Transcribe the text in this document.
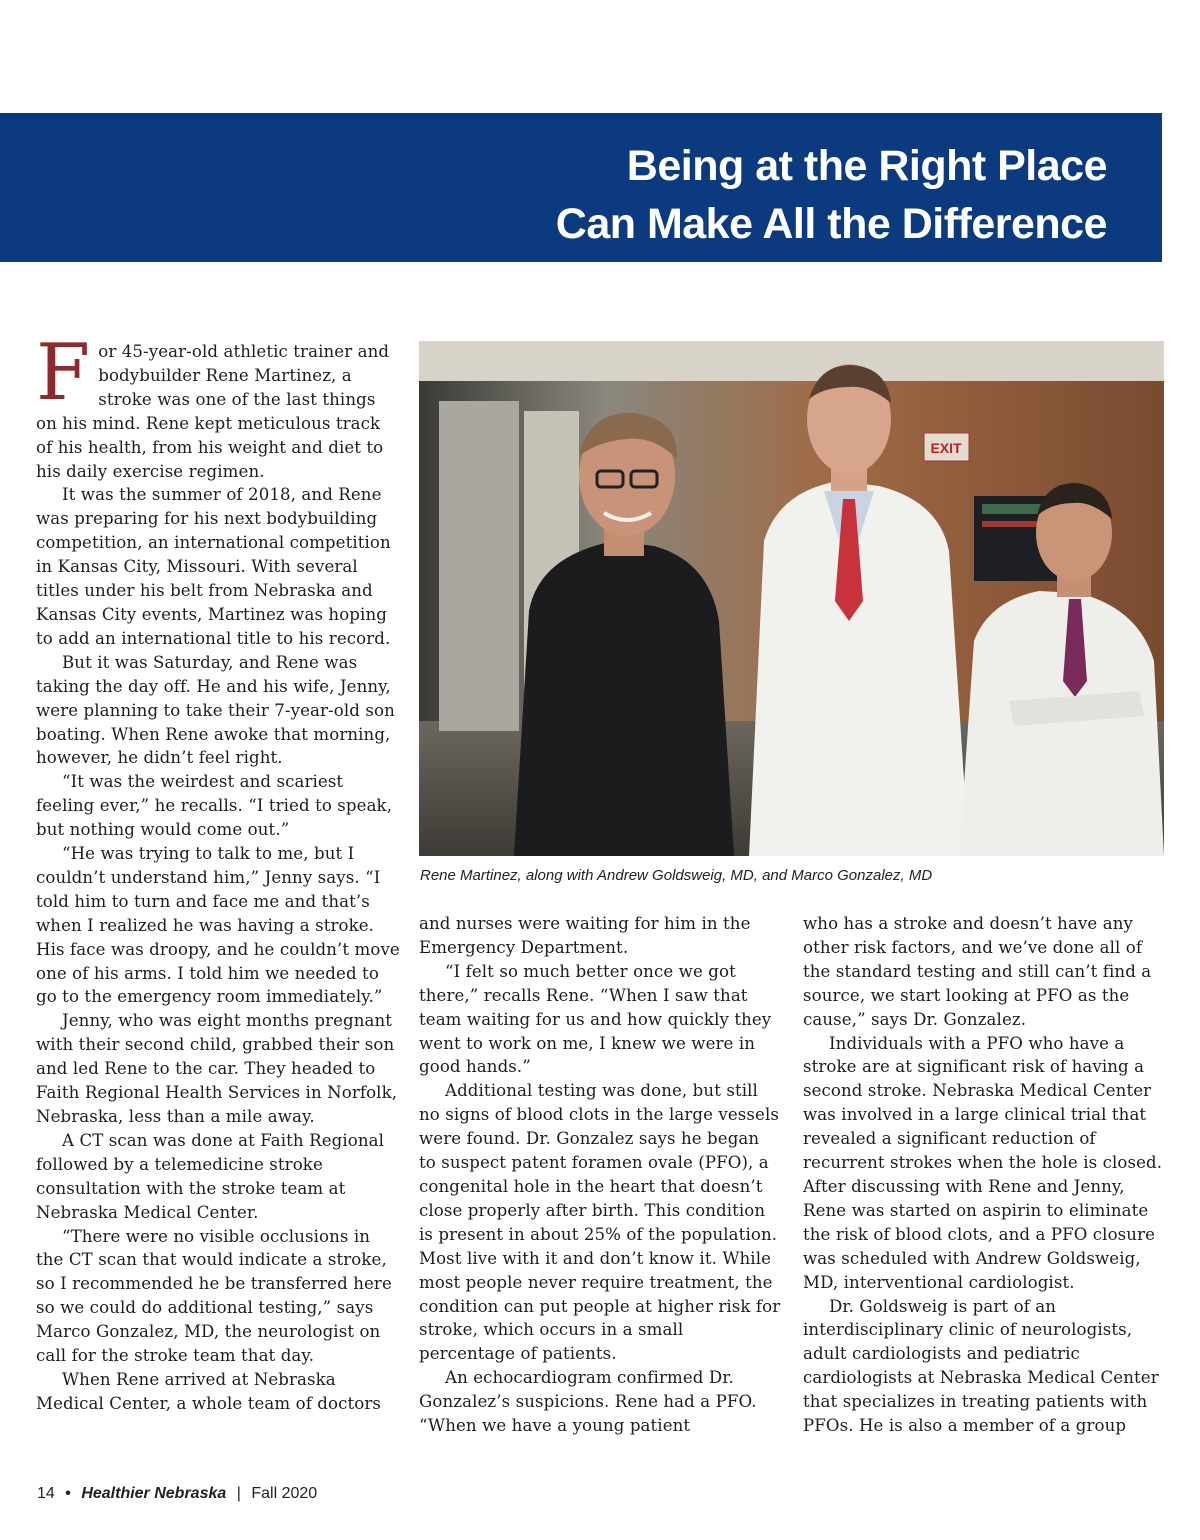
Being at the Right Place
Can Make All the Difference

For 45-year-old athletic trainer and bodybuilder Rene Martinez, a stroke was one of the last things on his mind. Rene kept meticulous track of his health, from his weight and diet to his daily exercise regimen.

It was the summer of 2018, and Rene was preparing for his next bodybuilding competition, an international competition in Kansas City, Missouri. With several titles under his belt from Nebraska and Kansas City events, Martinez was hoping to add an international title to his record.

But it was Saturday, and Rene was taking the day off. He and his wife, Jenny, were planning to take their 7-year-old son boating. When Rene awoke that morning, however, he didn’t feel right.

“It was the weirdest and scariest feeling ever,” he recalls. “I tried to speak, but nothing would come out.”

“He was trying to talk to me, but I couldn’t understand him,” Jenny says. “I told him to turn and face me and that’s when I realized he was having a stroke. His face was droopy, and he couldn’t move one of his arms. I told him we needed to go to the emergency room immediately.”

Jenny, who was eight months pregnant with their second child, grabbed their son and led Rene to the car. They headed to Faith Regional Health Services in Norfolk, Nebraska, less than a mile away.

A CT scan was done at Faith Regional followed by a telemedicine stroke consultation with the stroke team at Nebraska Medical Center.

“There were no visible occlusions in the CT scan that would indicate a stroke, so I recommended he be transferred here so we could do additional testing,” says Marco Gonzalez, MD, the neurologist on call for the stroke team that day.

When Rene arrived at Nebraska Medical Center, a whole team of doctors

EXIT
Rene Martinez, along with Andrew Goldsweig, MD, and Marco Gonzalez, MD

and nurses were waiting for him in the Emergency Department.

“I felt so much better once we got there,” recalls Rene. “When I saw that team waiting for us and how quickly they went to work on me, I knew we were in good hands.”

Additional testing was done, but still no signs of blood clots in the large vessels were found. Dr. Gonzalez says he began to suspect patent foramen ovale (PFO), a congenital hole in the heart that doesn’t close properly after birth. This condition is present in about 25% of the population. Most live with it and don’t know it. While most people never require treatment, the condition can put people at higher risk for stroke, which occurs in a small percentage of patients.

An echocardiogram confirmed Dr. Gonzalez’s suspicions. Rene had a PFO. “When we have a young patient

who has a stroke and doesn’t have any other risk factors, and we’ve done all of the standard testing and still can’t find a source, we start looking at PFO as the cause,” says Dr. Gonzalez.

Individuals with a PFO who have a stroke are at significant risk of having a second stroke. Nebraska Medical Center was involved in a large clinical trial that revealed a significant reduction of recurrent strokes when the hole is closed. After discussing with Rene and Jenny, Rene was started on aspirin to eliminate the risk of blood clots, and a PFO closure was scheduled with Andrew Goldsweig, MD, interventional cardiologist.

Dr. Goldsweig is part of an interdisciplinary clinic of neurologists, adult cardiologists and pediatric cardiologists at Nebraska Medical Center that specializes in treating patients with PFOs. He is also a member of a group

14 • Healthier Nebraska | Fall 2020
